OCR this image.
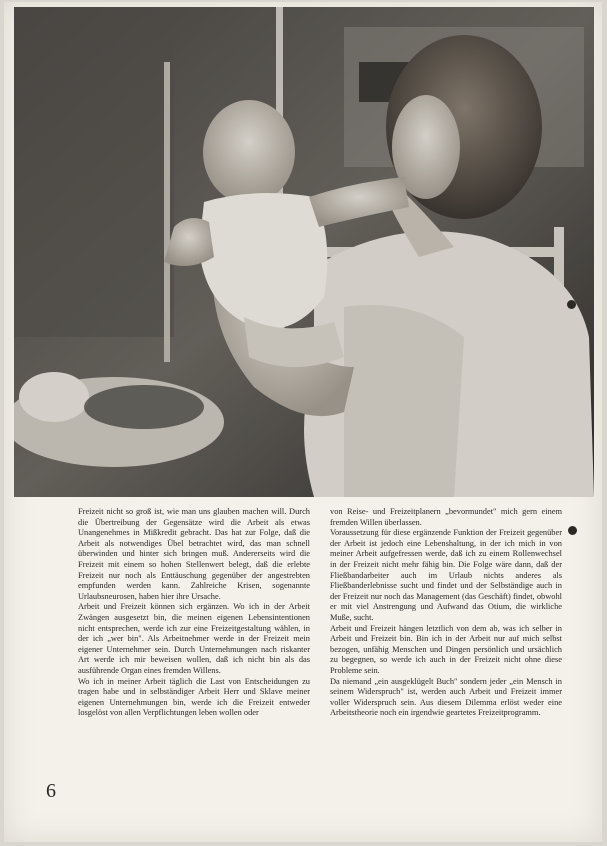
Freizeit nicht so groß ist, wie man uns glauben machen will. Durch die Übertreibung der Gegensätze wird die Arbeit als etwas Unangenehmes in Mißkredit gebracht. Das hat zur Folge, daß die Arbeit als notwendiges Übel betrachtet wird, das man schnell überwinden und hinter sich bringen muß. Andererseits wird die Freizeit mit einem so hohen Stellenwert belegt, daß die erlebte Freizeit nur noch als Enttäuschung gegenüber der angestrebten empfunden werden kann. Zahlreiche Krisen, sogenannte Urlaubsneurosen, haben hier ihre Ursache.

Arbeit und Freizeit können sich ergänzen. Wo ich in der Arbeit Zwängen ausgesetzt bin, die meinen eigenen Lebensintentionen nicht entsprechen, werde ich zur eine Freizeitgestaltung wählen, in der ich „wer bin". Als Arbeitnehmer werde in der Freizeit mein eigener Unternehmer sein. Durch Unternehmungen nach riskanter Art werde ich mir beweisen wollen, daß ich nicht bin als das ausführende Organ eines fremden Willens.

Wo ich in meiner Arbeit täglich die Last von Entscheidungen zu tragen habe und in selbständiger Arbeit Herr und Sklave meiner eigenen Unternehmungen bin, werde ich die Freizeit entweder losgelöst von allen Verpflichtungen leben wollen oder

von Reise- und Freizeitplanern „bevormundet" mich gern einem fremden Willen überlassen.

Voraussetzung für diese ergänzende Funktion der Freizeit gegenüber der Arbeit ist jedoch eine Lebenshaltung, in der ich mich in von meiner Arbeit aufgefressen werde, daß ich zu einem Rollenwechsel in der Freizeit nicht mehr fähig bin. Die Folge wäre dann, daß der Fließbandarbeiter auch im Urlaub nichts anderes als Fließbanderlebnisse sucht und findet und der Selbständige auch in der Freizeit nur noch das Management (das Geschäft) findet, obwohl er mit viel Anstrengung und Aufwand das Otium, die wirkliche Muße, sucht.

Arbeit und Freizeit hängen letztlich von dem ab, was ich selber in Arbeit und Freizeit bin. Bin ich in der Arbeit nur auf mich selbst bezogen, unfähig Menschen und Dingen persönlich und ursächlich zu begegnen, so werde ich auch in der Freizeit nicht ohne diese Probleme sein.

Da niemand „ein ausgeklügelt Buch" sondern jeder „ein Mensch in seinem Widerspruch" ist, werden auch Arbeit und Freizeit immer voller Widerspruch sein. Aus diesem Dilemma erlöst weder eine Arbeitstheorie noch ein irgendwie geartetes Freizeitprogramm.

6
